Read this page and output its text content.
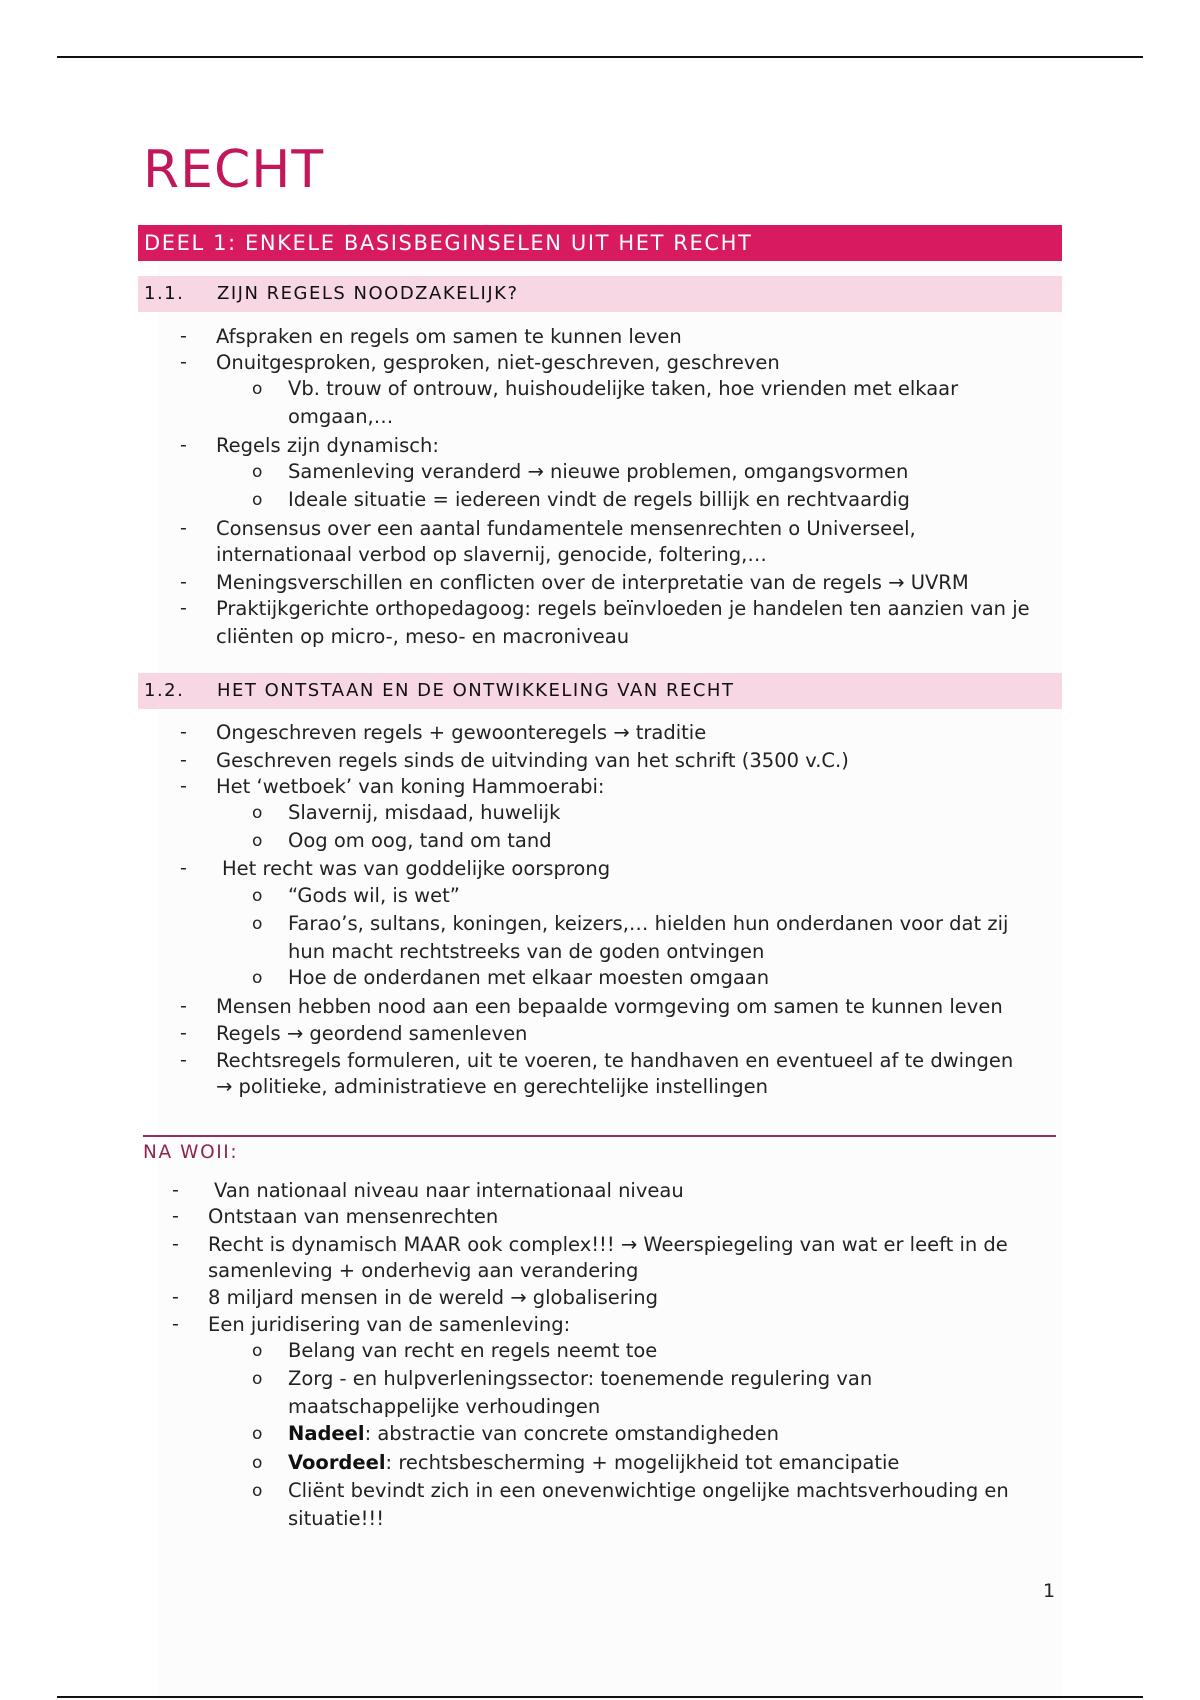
RECHT
DEEL 1: ENKELE BASISBEGINSELEN UIT HET RECHT
1.1. ZIJN REGELS NOODZAKELIJK?
- Afspraken en regels om samen te kunnen leven
- Onuitgesproken, gesproken, niet-geschreven, geschreven
o Vb. trouw of ontrouw, huishoudelijke taken, hoe vrienden met elkaar
omgaan,…
- Regels zijn dynamisch:
o Samenleving veranderd → nieuwe problemen, omgangsvormen
o Ideale situatie = iedereen vindt de regels billijk en rechtvaardig
- Consensus over een aantal fundamentele mensenrechten o Universeel,
internationaal verbod op slavernij, genocide, foltering,…
- Meningsverschillen en conflicten over de interpretatie van de regels → UVRM
- Praktijkgerichte orthopedagoog: regels beïnvloeden je handelen ten aanzien van je
cliënten op micro-, meso- en macroniveau
1.2. HET ONTSTAAN EN DE ONTWIKKELING VAN RECHT
- Ongeschreven regels + gewoonteregels → traditie
- Geschreven regels sinds de uitvinding van het schrift (3500 v.C.)
- Het ‘wetboek’ van koning Hammoerabi:
o Slavernij, misdaad, huwelijk
o Oog om oog, tand om tand
- Het recht was van goddelijke oorsprong
o “Gods wil, is wet”
o Farao’s, sultans, koningen, keizers,… hielden hun onderdanen voor dat zij
hun macht rechtstreeks van de goden ontvingen
o Hoe de onderdanen met elkaar moesten omgaan
- Mensen hebben nood aan een bepaalde vormgeving om samen te kunnen leven
- Regels → geordend samenleven
- Rechtsregels formuleren, uit te voeren, te handhaven en eventueel af te dwingen
→ politieke, administratieve en gerechtelijke instellingen
NA WOII:
- Van nationaal niveau naar internationaal niveau
- Ontstaan van mensenrechten
- Recht is dynamisch MAAR ook complex!!! → Weerspiegeling van wat er leeft in de
samenleving + onderhevig aan verandering
- 8 miljard mensen in de wereld → globalisering
- Een juridisering van de samenleving:
o Belang van recht en regels neemt toe
o Zorg - en hulpverleningssector: toenemende regulering van
maatschappelijke verhoudingen
o Nadeel: abstractie van concrete omstandigheden
o Voordeel: rechtsbescherming + mogelijkheid tot emancipatie
o Cliënt bevindt zich in een onevenwichtige ongelijke machtsverhouding en
situatie!!!
1
